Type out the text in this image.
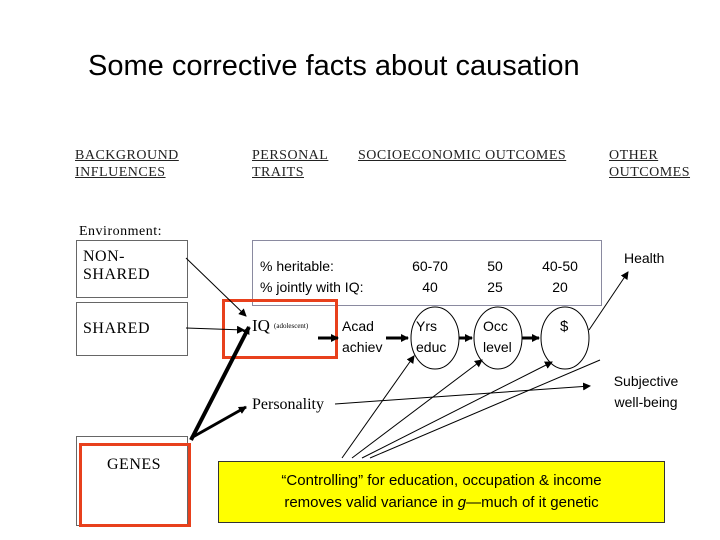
Some corrective facts about causation
BACKGROUND
INFLUENCES
PERSONAL
TRAITS
SOCIOECONOMIC OUTCOMES	OTHER
OUTCOMES
Environment:
NON-
SHARED
SHARED
GENES
% heritable:
% jointly with IQ:
60-70
40
50
25
40-50
20
Health
IQ (adolescent) Acad
achiev
Yrs
educ
Occ
level
$
Personality
Subjective
well-being
“Controlling” for education, occupation & income
removes valid variance in g—much of it genetic
